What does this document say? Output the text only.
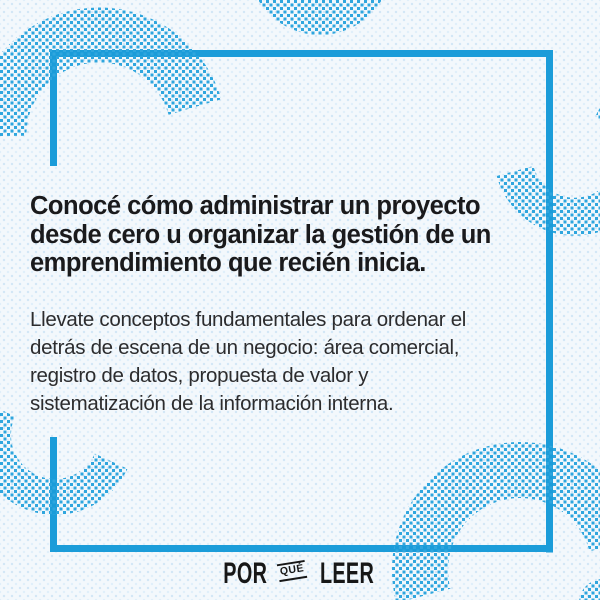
Conocé cómo administrar un proyecto
desde cero u organizar la gestión de un
emprendimiento que recién inicia.
Llevate conceptos fundamentales para ordenar el
detrás de escena de un negocio: área comercial,
registro de datos, propuesta de valor y
sistematización de la información interna.
POR QUÉ LEER
